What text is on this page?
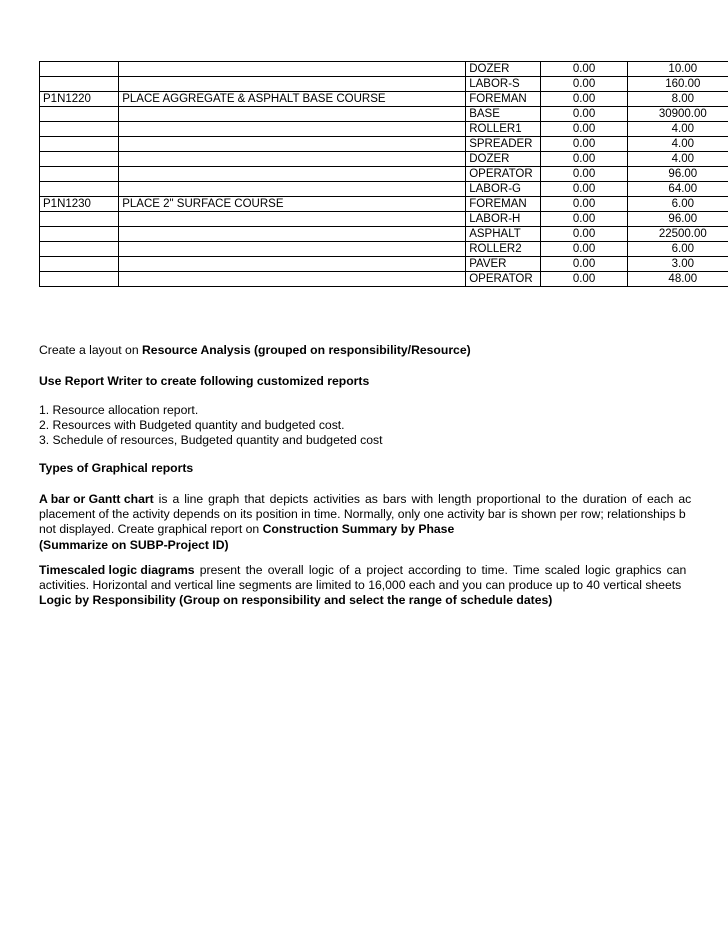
		DOZER	0.00	10.00
		LABOR-S	0.00	160.00
P1N1220	PLACE AGGREGATE & ASPHALT BASE COURSE	FOREMAN	0.00	8.00
		BASE	0.00	30900.00
		ROLLER1	0.00	4.00
		SPREADER	0.00	4.00
		DOZER	0.00	4.00
		OPERATOR	0.00	96.00
		LABOR-G	0.00	64.00
P1N1230	PLACE 2" SURFACE COURSE	FOREMAN	0.00	6.00
		LABOR-H	0.00	96.00
		ASPHALT	0.00	22500.00
		ROLLER2	0.00	6.00
		PAVER	0.00	3.00
		OPERATOR	0.00	48.00
Create a layout on Resource Analysis (grouped on responsibility/Resource)
Use Report Writer to create following customized reports
1. Resource allocation report.
2. Resources with Budgeted quantity and budgeted cost.
3. Schedule of resources, Budgeted quantity and budgeted cost
Types of Graphical reports
A bar or Gantt chart is a line graph that depicts activities as bars with length proportional to the duration of each ac
placement of the activity depends on its position in time. Normally, only one activity bar is shown per row; relationships b
not displayed. Create graphical report on Construction Summary by Phase
(Summarize on SUBP-Project ID)
Timescaled logic diagrams present the overall logic of a project according to time. Time scaled logic graphics can
activities. Horizontal and vertical line segments are limited to 16,000 each and you can produce up to 40 vertical sheets
Logic by Responsibility (Group on responsibility and select the range of schedule dates)
